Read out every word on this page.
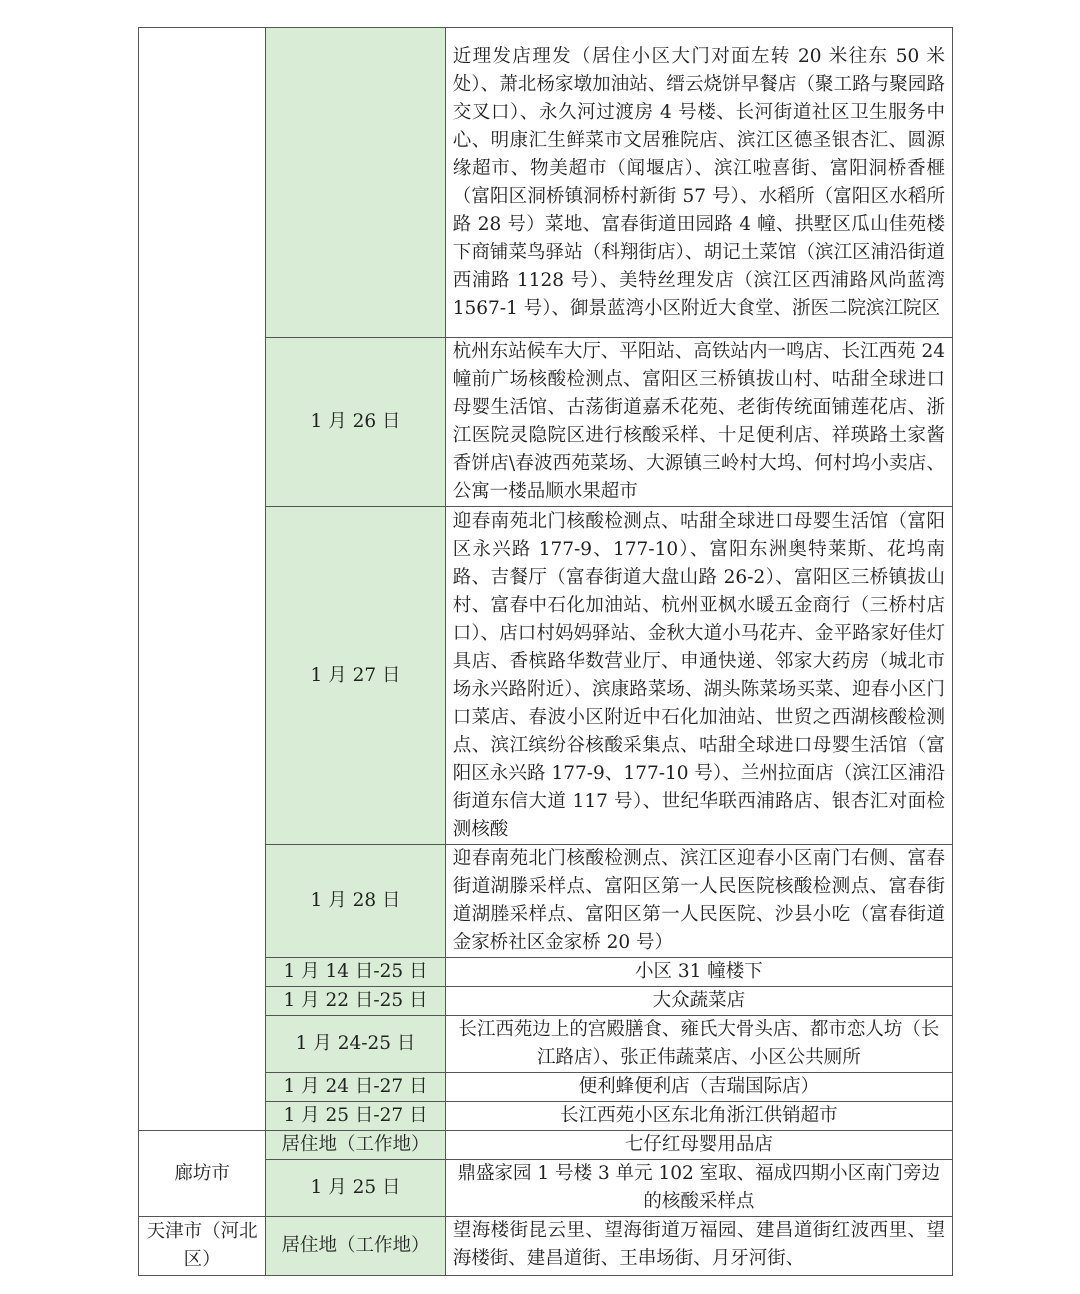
		近理发店理发（居住小区大门对面左转 20 米往东 50 米处）、萧北杨家墩加油站、缙云烧饼早餐店（聚工路与聚园路交叉口）、永久河过渡房 4 号楼、长河街道社区卫生服务中心、明康汇生鲜菜市文居雅院店、滨江区德圣银杏汇、圆源缘超市、物美超市（闻堰店）、滨江啦喜街、富阳洞桥香榧（富阳区洞桥镇洞桥村新街 57 号）、水稻所（富阳区水稻所路 28 号）菜地、富春街道田园路 4 幢、拱墅区瓜山佳苑楼下商铺菜鸟驿站（科翔街店）、胡记土菜馆（滨江区浦沿街道西浦路 1128 号）、美特丝理发店（滨江区西浦路风尚蓝湾 1567-1 号）、御景蓝湾小区附近大食堂、浙医二院滨江院区
	1 月 26 日	杭州东站候车大厅、平阳站、高铁站内一鸣店、长江西苑 24 幢前广场核酸检测点、富阳区三桥镇拔山村、咕甜全球进口母婴生活馆、古荡街道嘉禾花苑、老街传统面铺莲花店、浙江医院灵隐院区进行核酸采样、十足便利店、祥瑛路土家酱香饼店\春波西苑菜场、大源镇三岭村大坞、何村坞小卖店、公寓一楼品顺水果超市
	1 月 27 日	迎春南苑北门核酸检测点、咕甜全球进口母婴生活馆（富阳区永兴路 177-9、177-10）、富阳东洲奥特莱斯、花坞南路、吉餐厅（富春街道大盘山路 26-2）、富阳区三桥镇拔山村、富春中石化加油站、杭州亚枫水暖五金商行（三桥村店口）、店口村妈妈驿站、金秋大道小马花卉、金平路家好佳灯具店、香槟路华数营业厅、申通快递、邻家大药房（城北市场永兴路附近）、滨康路菜场、湖头陈菜场买菜、迎春小区门口菜店、春波小区附近中石化加油站、世贸之西湖核酸检测点、滨江缤纷谷核酸采集点、咕甜全球进口母婴生活馆（富阳区永兴路 177-9、177-10 号）、兰州拉面店（滨江区浦沿街道东信大道 117 号）、世纪华联西浦路店、银杏汇对面检测核酸
	1 月 28 日	迎春南苑北门核酸检测点、滨江区迎春小区南门右侧、富春街道湖滕采样点、富阳区第一人民医院核酸检测点、富春街道湖塍采样点、富阳区第一人民医院、沙县小吃（富春街道金家桥社区金家桥 20 号）
	1 月 14 日-25 日	小区 31 幢楼下
	1 月 22 日-25 日	大众蔬菜店
	1 月 24-25 日	长江西苑边上的宫殿膳食、雍氏大骨头店、都市恋人坊（长江路店）、张正伟蔬菜店、小区公共厕所
	1 月 24 日-27 日	便利蜂便利店（吉瑞国际店）
	1 月 25 日-27 日	长江西苑小区东北角浙江供销超市
廊坊市	居住地（工作地）	七仔红母婴用品店
	1 月 25 日	鼎盛家园 1 号楼 3 单元 102 室取、福成四期小区南门旁边的核酸采样点
天津市（河北区）	居住地（工作地）	望海楼街昆云里、望海街道万福园、建昌道街红波西里、望海楼街、建昌道街、王串场街、月牙河街、
